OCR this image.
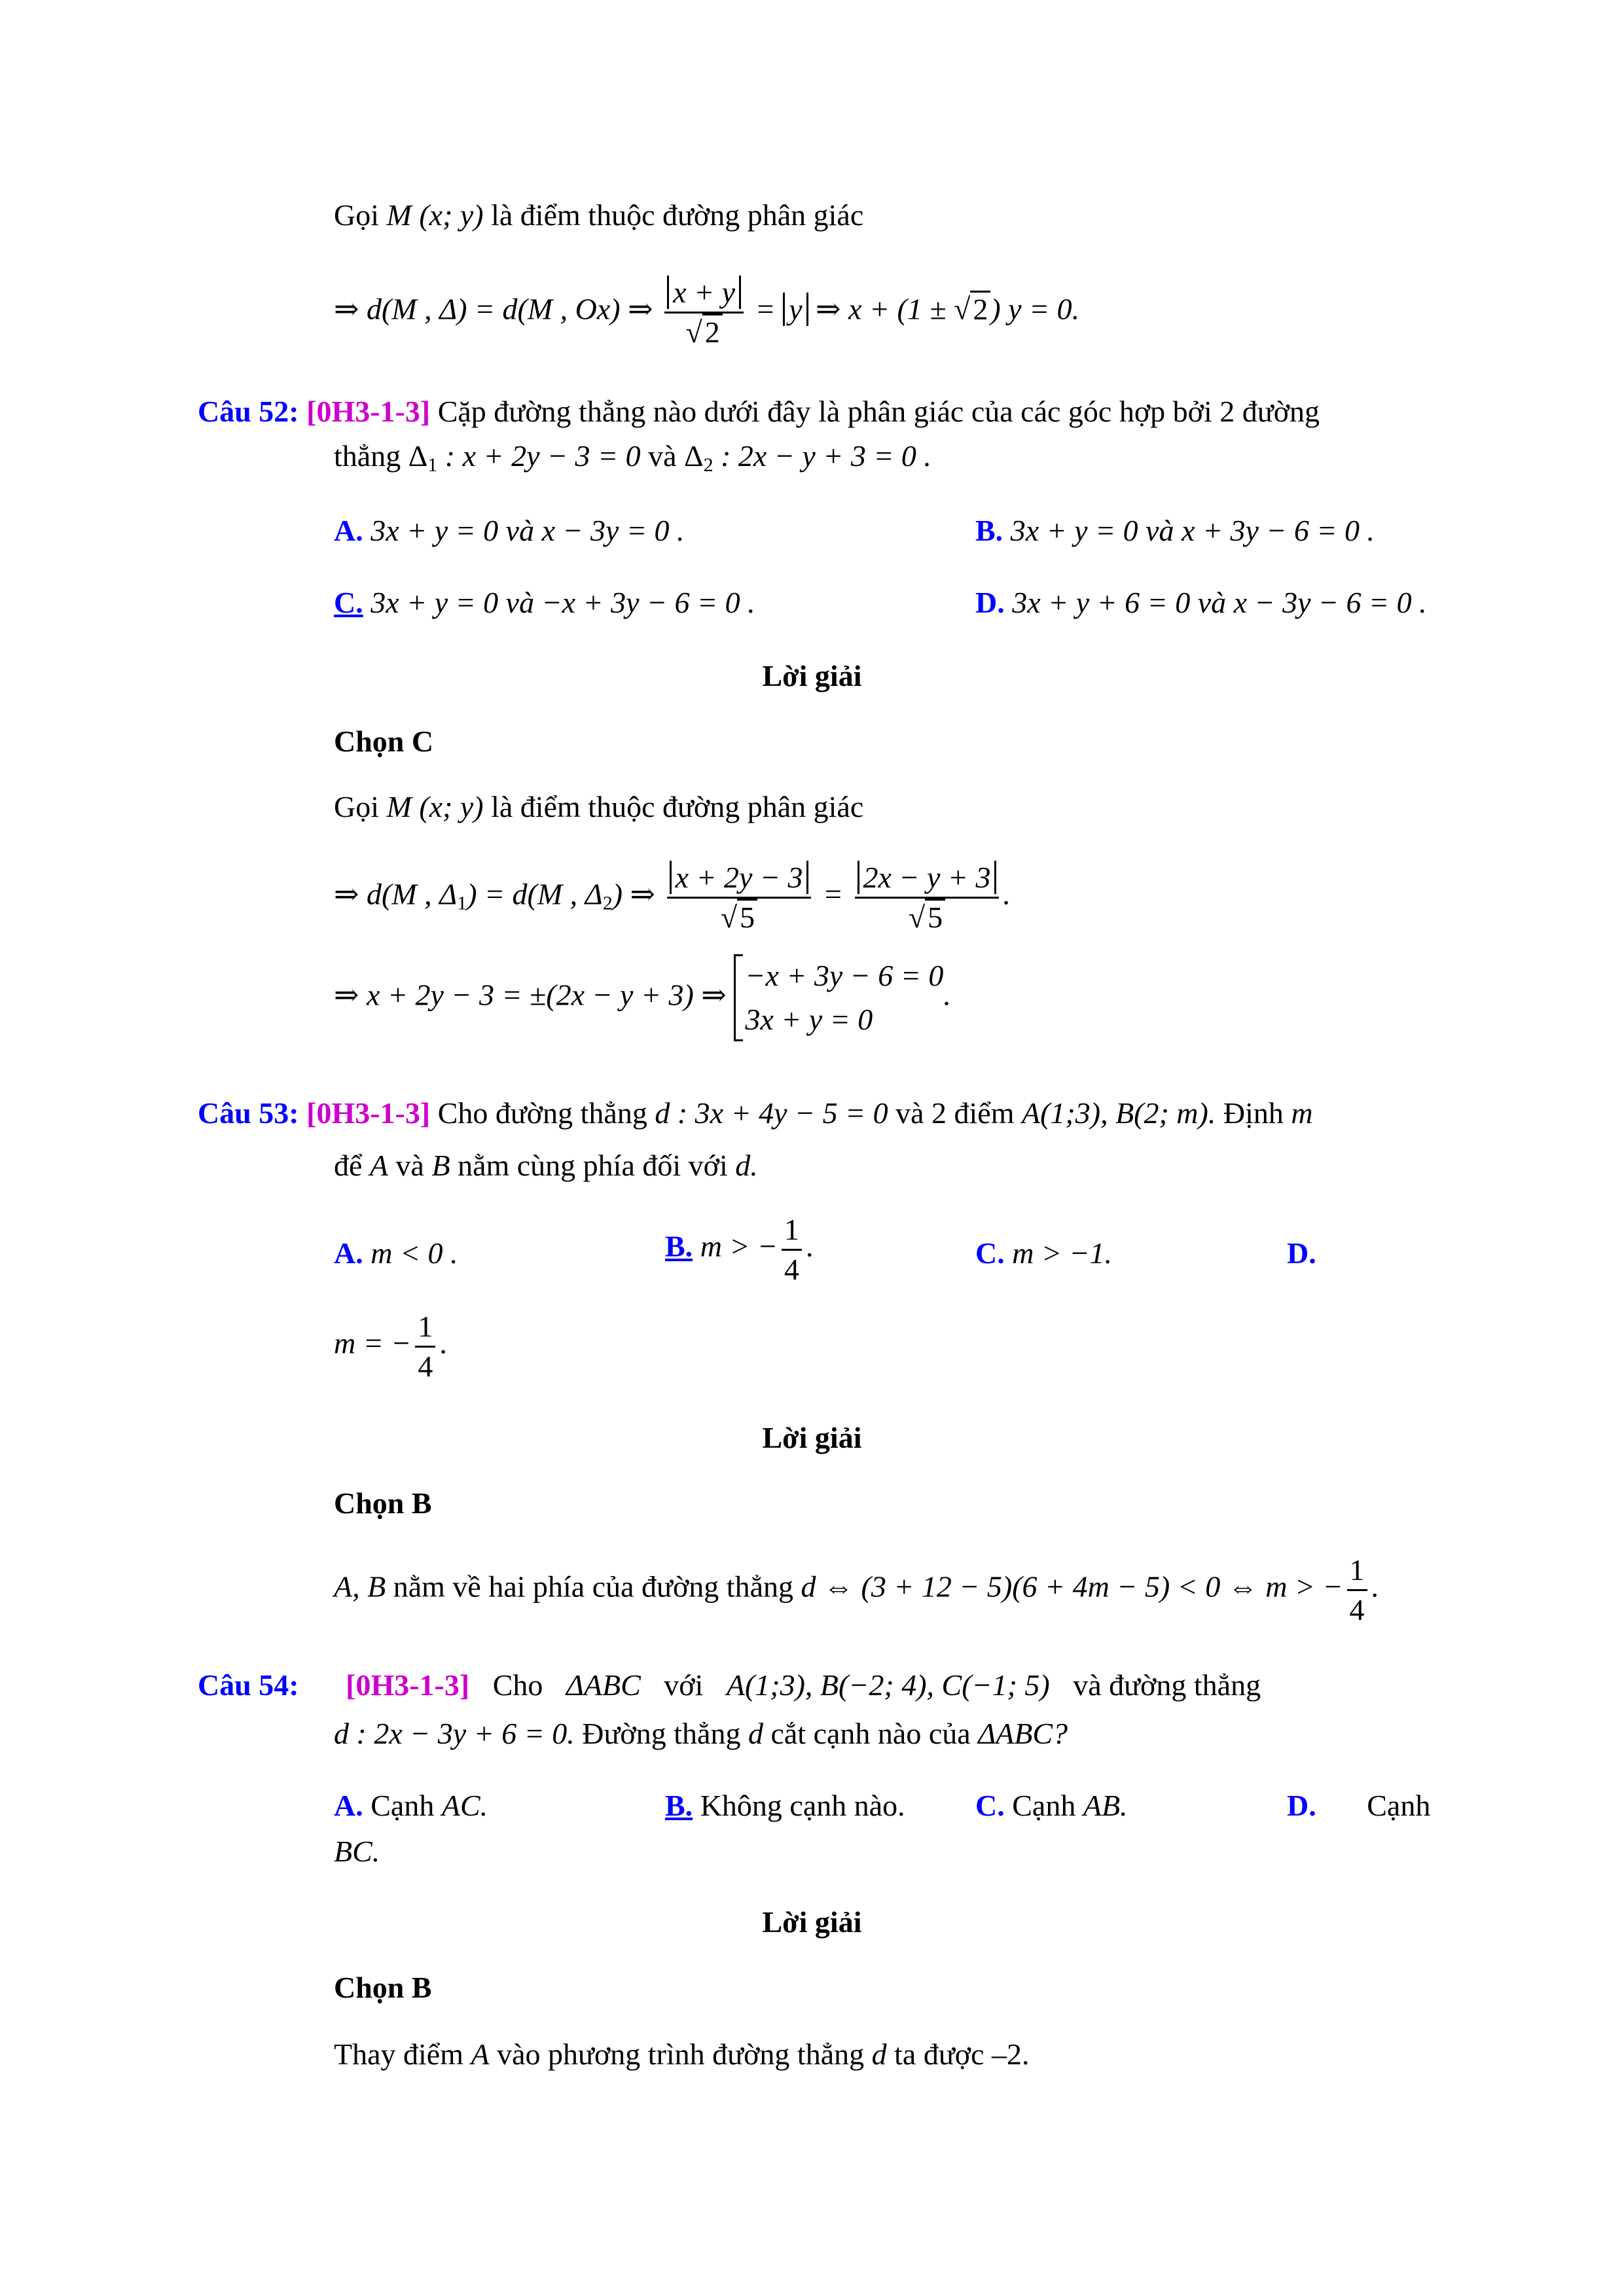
Gọi M (x; y) là điểm thuộc đường phân giác
⇒ d(M , Δ) = d(M , Ox) ⇒ $\frac{x + y}{√2} = y$ ⇒ x + (1 ± √2) y = 0.
Câu 52: [0H3-1-3] Cặp đường thẳng nào dưới đây là phân giác của các góc hợp bởi 2 đường
thẳng $\Delta_1$ : x + 2y − 3 = 0 và $\Delta_2$ : 2x − y + 3 = 0 .
A. 3x + y = 0 và x − 3y = 0 .	B. 3x + y = 0 và x + 3y − 6 = 0 .
C. 3x + y = 0 và −x + 3y − 6 = 0 .	D. 3x + y + 6 = 0 và x − 3y − 6 = 0 .
Lời giải
Chọn C
Gọi M (x; y) là điểm thuộc đường phân giác
⇒ d(M , $\Delta_1) = d(M$ , $\Delta_2$) ⇒ $\frac{x + 2y - 3}{√5} = \frac{2x - y + 3}{√5}$ .
⇒ x + 2y − 3 = ±(2x − y + 3) ⇒
−x + 3y − 6 = 0
3x + y = 0
.
Câu 53: [0H3-1-3] Cho đường thẳng d : 3x + 4y − 5 = 0 và 2 điểm A(1;3), B(2; m). Định m
để A và B nằm cùng phía đối với d.
A. m < 0 .	B. m > − $\frac{1}{4}$ .	C. m > −1.	D.
m = − $\frac{1}{4}$ .
Lời giải
Chọn B
A, B nằm về hai phía của đường thẳng d ⇔ (3 + 12 − 5)(6 + 4m − 5) < 0 ⇔ m > − $\frac{1}{4}$ .
Câu 54: [0H3-1-3] Cho ΔABC với A(1;3), B(−2; 4), C(−1; 5) và đường thẳng
d : 2x − 3y + 6 = 0. Đường thẳng d cắt cạnh nào của ΔABC?
A. Cạnh AC.	B. Không cạnh nào. C. Cạnh AB.	D. Cạnh
BC.
Lời giải
Chọn B
Thay điểm A vào phương trình đường thẳng d ta được –2.
